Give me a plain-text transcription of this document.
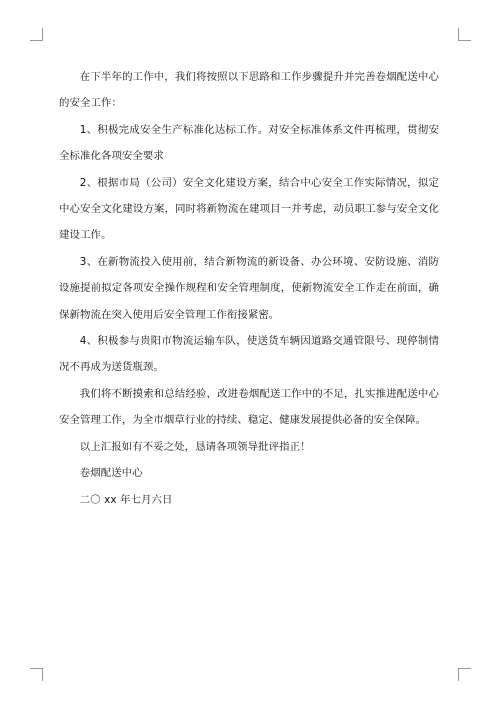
在下半年的工作中，我们将按照以下思路和工作步骤提升并完善卷烟配送中心的安全工作：

1、积极完成安全生产标准化达标工作。对安全标准体系文件再梳理，贯彻安全标准化各项安全要求

2、根据市局（公司）安全文化建设方案，结合中心安全工作实际情况，拟定中心安全文化建设方案，同时将新物流在建项目一并考虑，动员职工参与安全文化建设工作。

3、在新物流投入使用前，结合新物流的新设备、办公环境、安防设施、消防设施提前拟定各项安全操作规程和安全管理制度，使新物流安全工作走在前面，确保新物流在突入使用后安全管理工作衔接紧密。

4、积极参与贵阳市物流运输车队，使送货车辆因道路交通管限号、现停制情况不再成为送货瓶颈。

我们将不断摸索和总结经验，改进卷烟配送工作中的不足，扎实推进配送中心安全管理工作，为全市烟草行业的持续、稳定、健康发展提供必备的安全保障。

以上汇报如有不妥之处，恳请各项领导批评指正！

卷烟配送中心

二〇 xx 年七月六日
